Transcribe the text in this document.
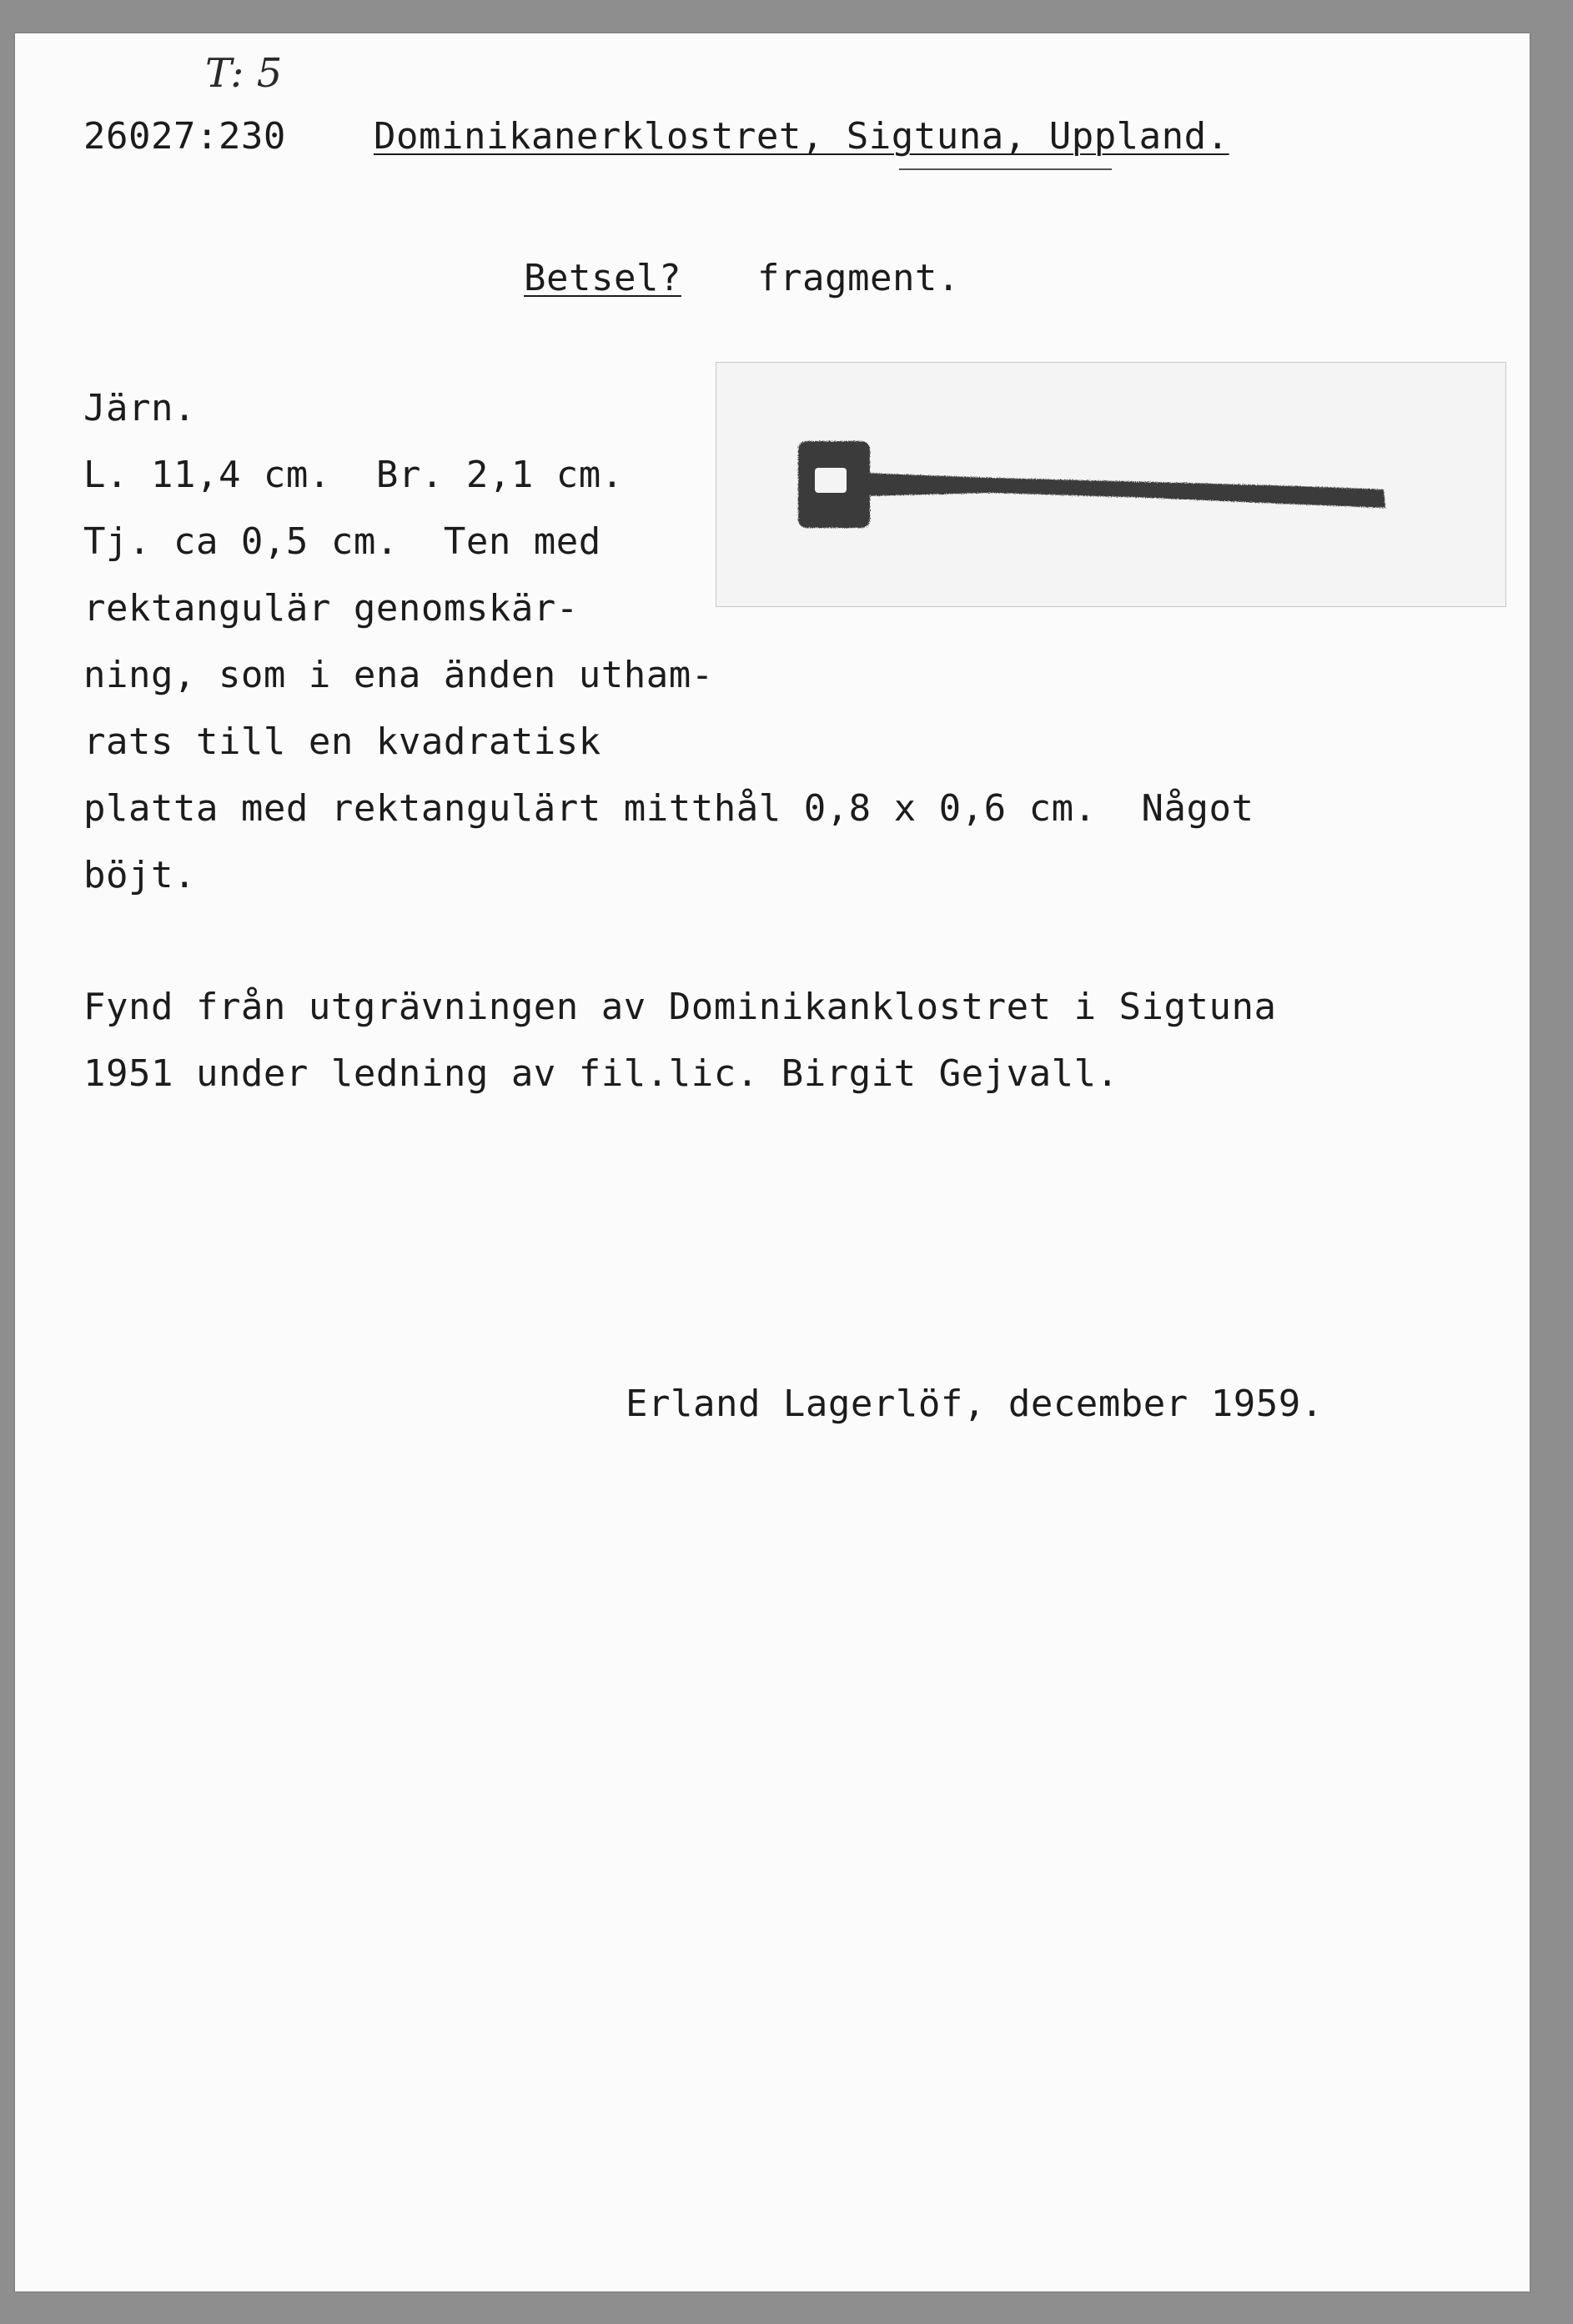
T: 5
26027:230 Dominikanerklostret, Sigtuna, Uppland.
Betsel? fragment.
Järn.
L. 11,4 cm.  Br. 2,1 cm.
Tj. ca 0,5 cm.  Ten med
rektangulär genomskär-
ning, som i ena änden utham-
rats till en kvadratisk
platta med rektangulärt mitthål 0,8 x 0,6 cm.  Något
böjt.
Fynd från utgrävningen av Dominikanklostret i Sigtuna
1951 under ledning av fil.lic. Birgit Gejvall.
Erland Lagerlöf, december 1959.
